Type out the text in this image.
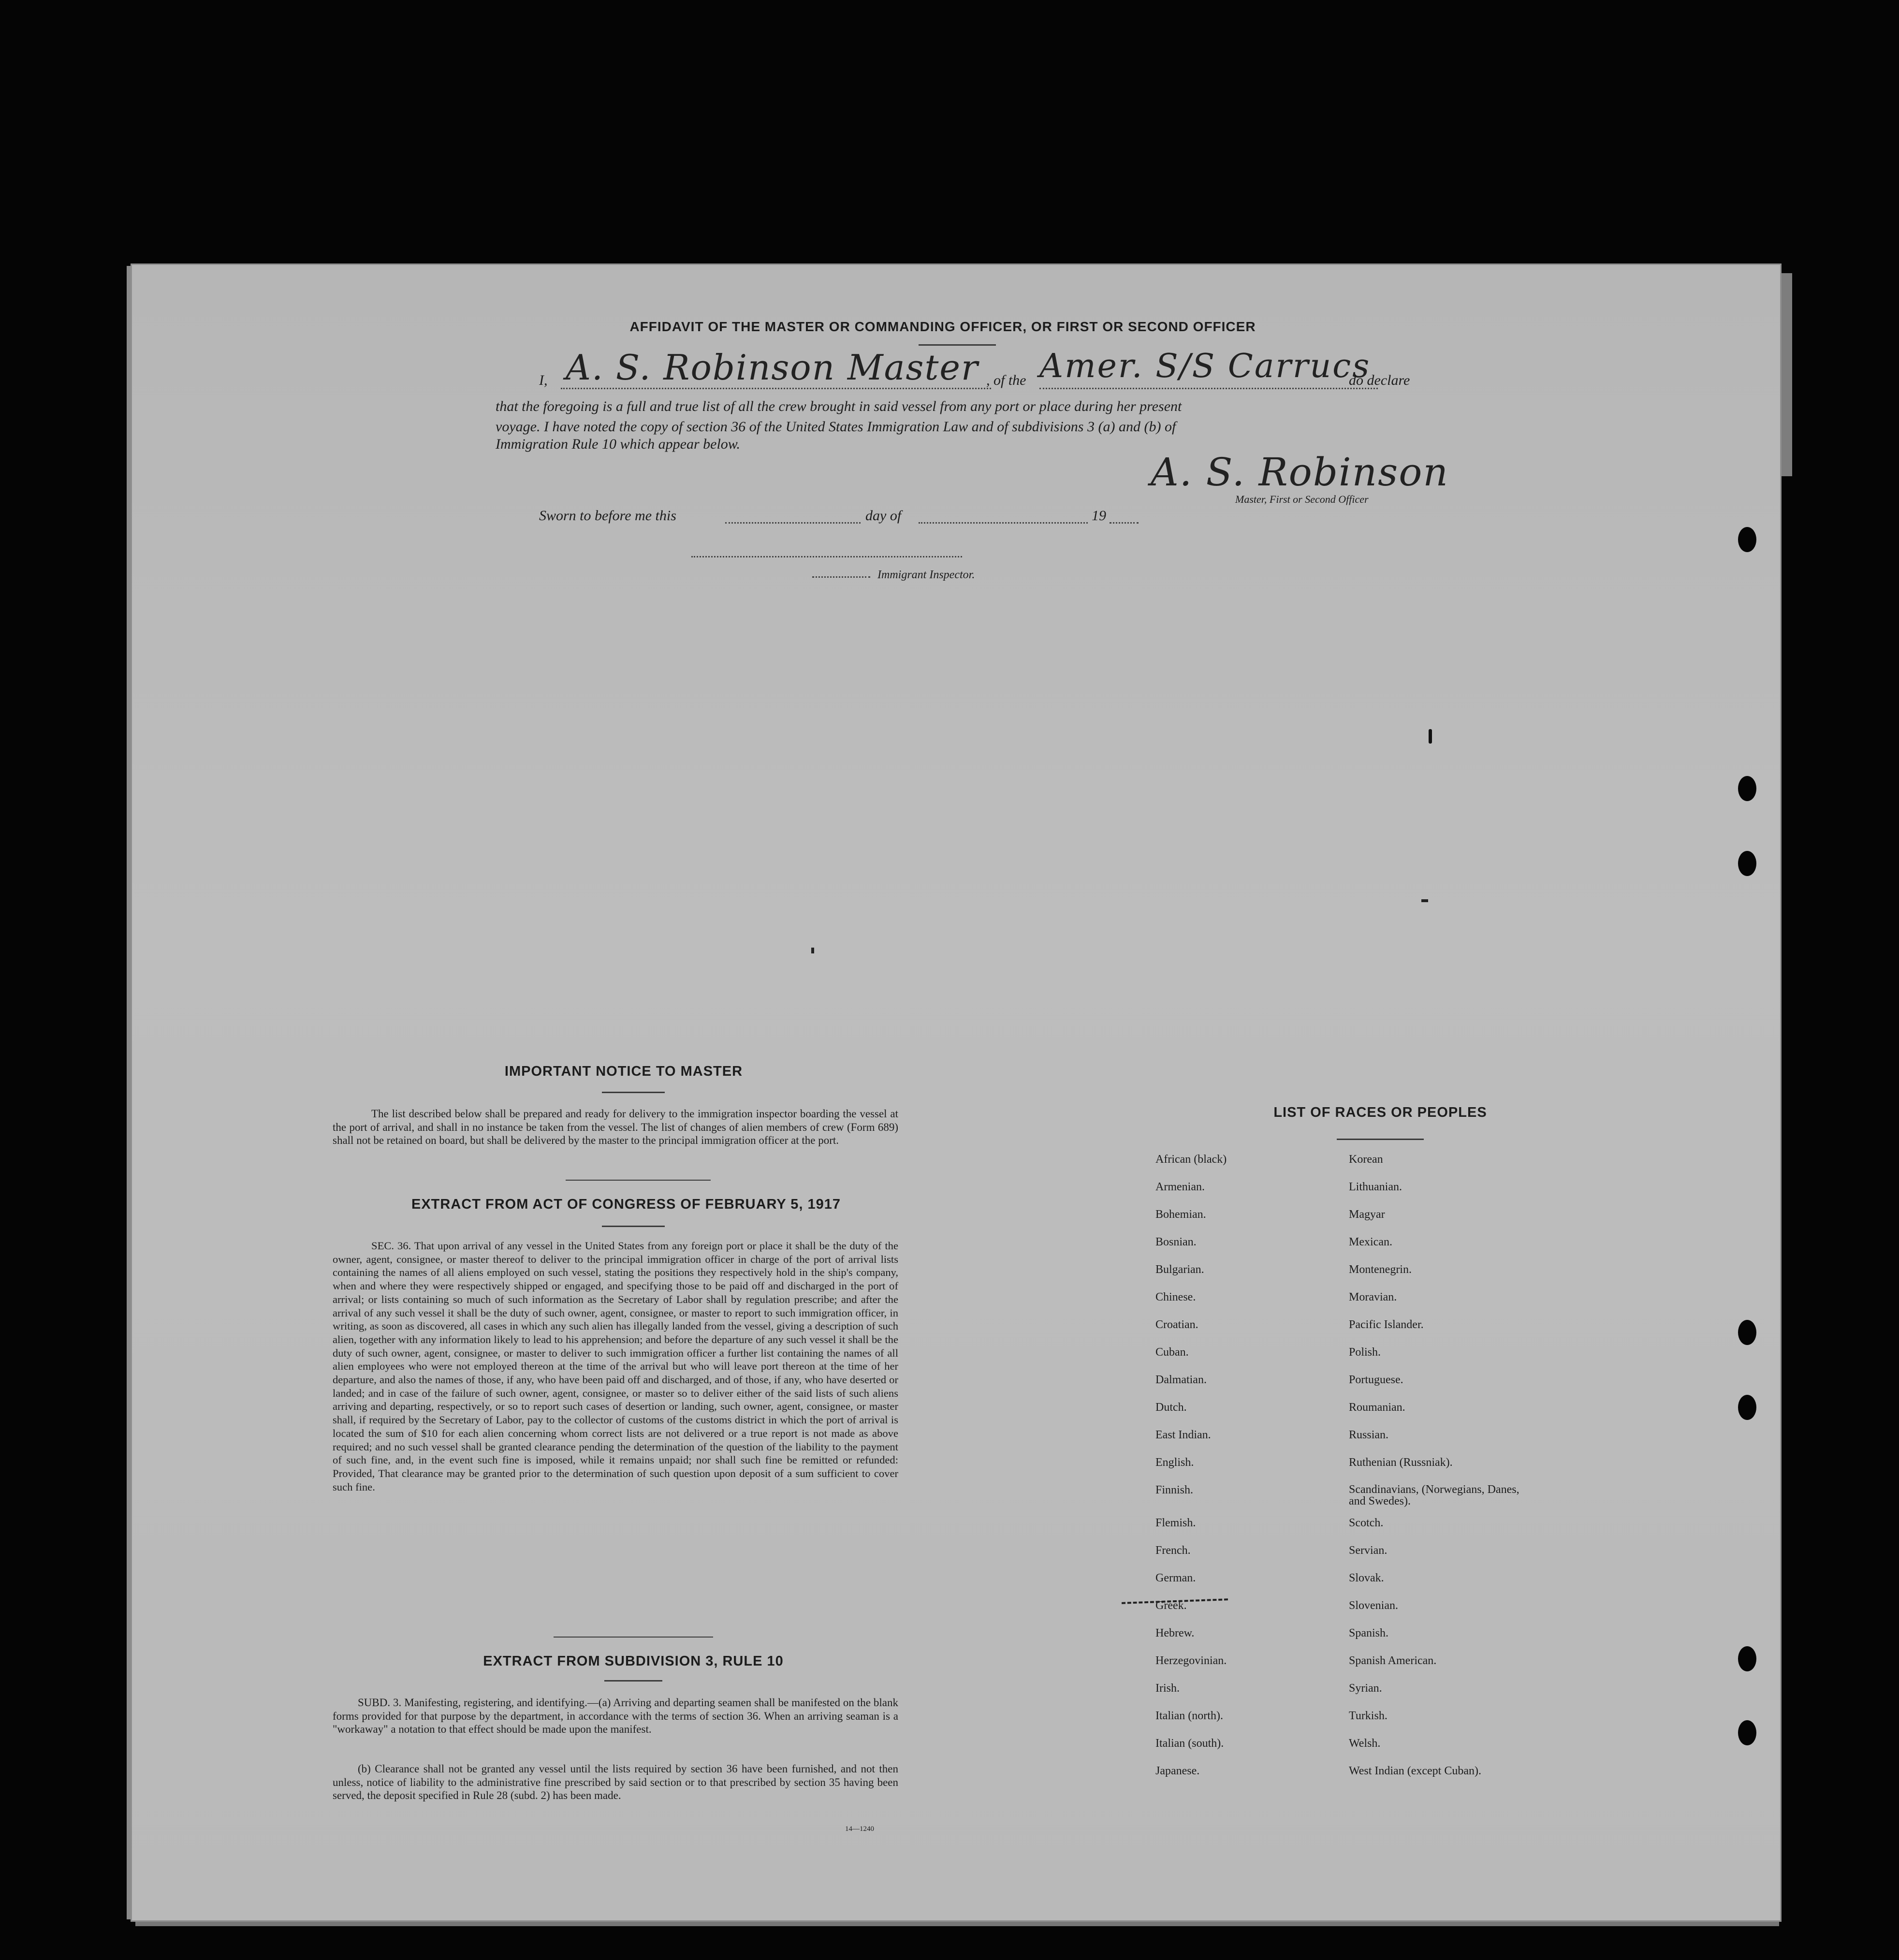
AFFIDAVIT OF THE MASTER OR COMMANDING OFFICER, OR FIRST OR SECOND OFFICER
I, A. S. Robinson Master , of the Amer. S/S Carrucs
do declare
that the foregoing is a full and true list of all the crew brought in said vessel from any port or place during her present
voyage. I have noted the copy of section 36 of the United States Immigration Law and of subdivisions 3 (a) and (b) of
Immigration Rule 10 which appear below.
A. S. Robinson
Master, First or Second Officer
Sworn to before me this	day of	19
Immigrant Inspector.
IMPORTANT NOTICE TO MASTER
The list described below shall be prepared and ready for delivery to the immigration inspector boarding the vessel at the port of arrival, and shall in no instance be taken from the vessel. The list of changes of alien members of crew (Form 689) shall not be retained on board, but shall be delivered by the master to the principal immigration officer at the port.
EXTRACT FROM ACT OF CONGRESS OF FEBRUARY 5, 1917
SEC. 36. That upon arrival of any vessel in the United States from any foreign port or place it shall be the duty of the owner, agent, consignee, or master thereof to deliver to the principal immigration officer in charge of the port of arrival lists containing the names of all aliens employed on such vessel, stating the positions they respectively hold in the ship's company, when and where they were respectively shipped or engaged, and specifying those to be paid off and discharged in the port of arrival; or lists containing so much of such information as the Secretary of Labor shall by regulation prescribe; and after the arrival of any such vessel it shall be the duty of such owner, agent, consignee, or master to report to such immigration officer, in writing, as soon as discovered, all cases in which any such alien has illegally landed from the vessel, giving a description of such alien, together with any information likely to lead to his apprehension; and before the departure of any such vessel it shall be the duty of such owner, agent, consignee, or master to deliver to such immigration officer a further list containing the names of all alien employees who were not employed thereon at the time of the arrival but who will leave port thereon at the time of her departure, and also the names of those, if any, who have been paid off and discharged, and of those, if any, who have deserted or landed; and in case of the failure of such owner, agent, consignee, or master so to deliver either of the said lists of such aliens arriving and departing, respectively, or so to report such cases of desertion or landing, such owner, agent, consignee, or master shall, if required by the Secretary of Labor, pay to the collector of customs of the customs district in which the port of arrival is located the sum of $10 for each alien concerning whom correct lists are not delivered or a true report is not made as above required; and no such vessel shall be granted clearance pending the determination of the question of the liability to the payment of such fine, and, in the event such fine is imposed, while it remains unpaid; nor shall such fine be remitted or refunded: Provided, That clearance may be granted prior to the determination of such question upon deposit of a sum sufficient to cover such fine.
EXTRACT FROM SUBDIVISION 3, RULE 10
SUBD. 3. Manifesting, registering, and identifying.—(a) Arriving and departing seamen shall be manifested on the blank forms provided for that purpose by the department, in accordance with the terms of section 36. When an arriving seaman is a "workaway" a notation to that effect should be made upon the manifest.
(b) Clearance shall not be granted any vessel until the lists required by section 36 have been furnished, and not then unless, notice of liability to the administrative fine prescribed by said section or to that prescribed by section 35 having been served, the deposit specified in Rule 28 (subd. 2) has been made.
14—1240
LIST OF RACES OR PEOPLES
African (black)
Armenian.
Bohemian.
Bosnian.
Bulgarian.
Chinese.
Croatian.
Cuban.
Dalmatian.
Dutch.
East Indian.
English.
Finnish.
Flemish.
French.
German.
Greek.
Hebrew.
Herzegovinian.
Irish.
Italian (north).
Italian (south).
Japanese.
Korean
Lithuanian.
Magyar
Mexican.
Montenegrin.
Moravian.
Pacific Islander.
Polish.
Portuguese.
Roumanian.
Russian.
Ruthenian (Russniak).
Scandinavians, (Norwegians, Danes, and Swedes).
Scotch.
Servian.
Slovak.
Slovenian.
Spanish.
Spanish American.
Syrian.
Turkish.
Welsh.
West Indian (except Cuban).
